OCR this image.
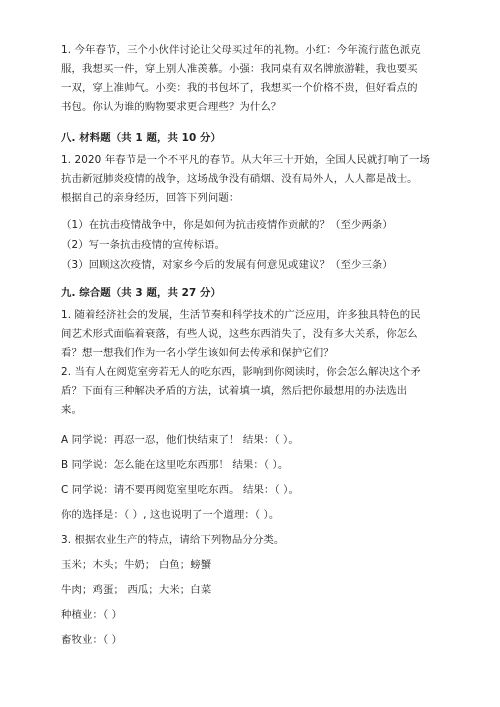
1. 今年春节，三个小伙伴讨论让父母买过年的礼物。小红：今年流行蓝色派克
服，我想买一件，穿上别人准羡慕。小强：我同桌有双名牌旅游鞋，我也要买
一双，穿上准帅气。小奕：我的书包坏了，我想买一个价格不贵，但好看点的
书包。你认为谁的购物要求更合理些？为什么？
八. 材料题（共 1 题，共 10 分）
1. 2020 年春节是一个不平凡的春节。从大年三十开始，全国人民就打响了一场
抗击新冠肺炎疫情的战争，这场战争没有硝烟、没有局外人，人人都是战士。
根据自己的亲身经历，回答下列问题：
（1）在抗击疫情战争中，你是如何为抗击疫情作贡献的？（至少两条）
（2）写一条抗击疫情的宣传标语。
（3）回顾这次疫情，对家乡今后的发展有何意见或建议？（至少三条）
九. 综合题（共 3 题，共 27 分）
1. 随着经济社会的发展，生活节奏和科学技术的广泛应用，许多独具特色的民
间艺术形式面临着衰落，有些人说，这些东西消失了，没有多大关系，你怎么
看？想一想我们作为一名小学生该如何去传承和保护它们？
2. 当有人在阅览室旁若无人的吃东西，影响到你阅读时，你会怎么解决这个矛
盾？下面有三种解决矛盾的方法，试着填一填，然后把你最想用的办法选出
来。
A 同学说：再忍一忍，他们快结束了！ 结果：（ ）。
B 同学说：怎么能在这里吃东西那！ 结果：（ ）。
C 同学说：请不要再阅览室里吃东西。 结果：（ ）。
你的选择是：（ ）, 这也说明了一个道理：（ ）。
3. 根据农业生产的特点，请给下列物品分分类。
玉米；木头；牛奶； 白鱼；螃蟹
牛肉；鸡蛋； 西瓜；大米；白菜
种植业：（ ）
畜牧业：（ ）
